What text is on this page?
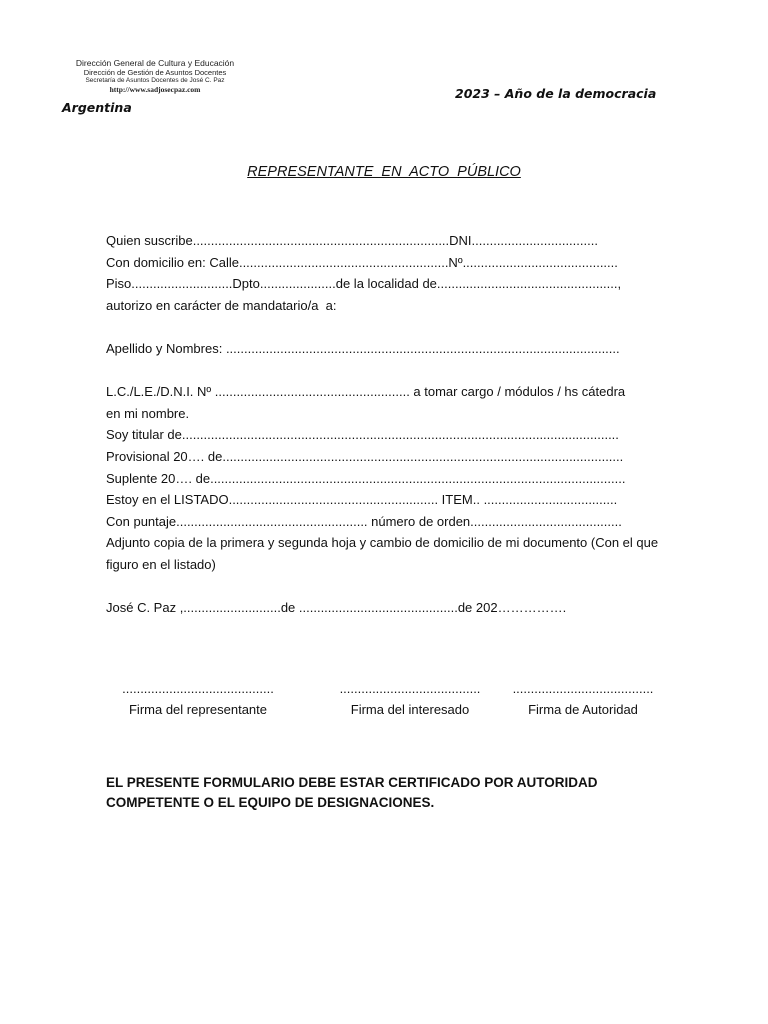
Dirección General de Cultura y Educación
Dirección de Gestión de Asuntos Docentes
Secretaría de Asuntos Docentes de José C. Paz
http://www.sadjosecpaz.com
Argentina
2023 – Año de la democracia
REPRESENTANTE  EN  ACTO  PÚBLICO
Quien suscribe.......................................................................DNI...................................
Con domicilio en: Calle..........................................................Nº...........................................
Piso............................Dpto.....................de la localidad de..................................................,
autorizo en carácter de mandatario/a  a:
Apellido y Nombres: .............................................................................................................
L.C./L.E./D.N.I. Nº ...................................................... a tomar cargo / módulos / hs cátedra
en mi nombre.
Soy titular de.........................................................................................................................
Provisional 20…. de...............................................................................................................
Suplente 20…. de...................................................................................................................
Estoy en el LISTADO.......................................................... ITEM.. .....................................
Con puntaje..................................................... número de orden..........................................
Adjunto copia de la primera y segunda hoja y cambio de domicilio de mi documento (Con el que figuro en el listado)
José C. Paz ,...........................de ............................................de 202…………….
..........................................
Firma del representante
.......................................
Firma del interesado
.......................................
Firma de Autoridad
EL PRESENTE FORMULARIO DEBE ESTAR CERTIFICADO POR AUTORIDAD COMPETENTE O EL EQUIPO DE DESIGNACIONES.
